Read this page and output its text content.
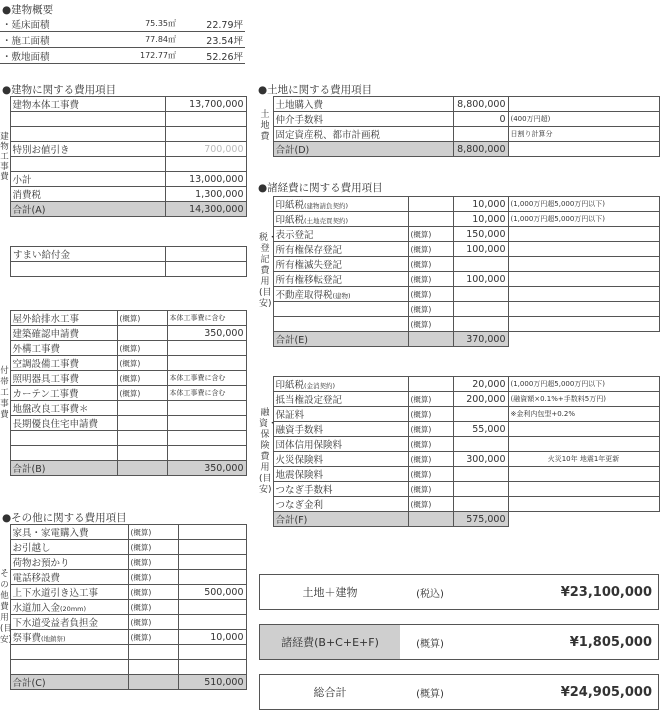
●建物概要
・延床面積	75.35㎡	22.79坪
・施工面積	77.84㎡	23.54坪
・敷地面積	172.77㎡	52.26坪
●建物に関する費用項目
建物工事費	建物本体工事費	13,700,000

	特別お値引き	700,000

	小計	13,000,000
	消費税	1,300,000
	合計(A)	14,300,000
すまい給付金	

付帯工事費	屋外給排水工事	(概算)	本体工事費に含む
	建築確認申請費		350,000
	外構工事費	(概算)	
	空調設備工事費	(概算)	
	照明器具工事費	(概算)	本体工事費に含む
	カーテン工事費	(概算)	本体工事費に含む
	地盤改良工事費＊		
	長期優良住宅申請費		

	合計(B)		350,000
●その他に関する費用項目
その他費用(目安)	家具・家電購入費	(概算)	
	お引越し	(概算)	
	荷物お預かり	(概算)	
	電話移設費	(概算)	
	上下水道引き込工事	(概算)	500,000
	水道加入金(20mm)	(概算)	
	下水道受益者負担金	(概算)	
	祭事費(地鎮祭)	(概算)	10,000

	合計(C)		510,000
●土地に関する費用項目
土地費	土地購入費	8,800,000	
	仲介手数料	0	(400万円超)
	固定資産税、都市計画税		日割り計算分
	合計(D)	8,800,000	
●諸経費に関する費用項目
税・登記費用(目安)	印紙税(建物請負契約)		10,000	(1,000万円超5,000万円以下)
	印紙税(土地売買契約)		10,000	(1,000万円超5,000万円以下)
	表示登記	(概算)	150,000	
	所有権保存登記	(概算)	100,000	
	所有権滅失登記	(概算)		
	所有権移転登記	(概算)	100,000	
	不動産取得税(建物)	(概算)		
		(概算)		
		(概算)		
	合計(E)		370,000	
融資・保険費用(目安)	印紙税(金消契約)		20,000	(1,000万円超5,000万円以下)
	抵当権設定登記	(概算)	200,000	(融資額×0.1%+手数料5万円)
	保証料	(概算)		※金利内包型+0.2%
	融資手数料	(概算)	55,000	
	団体信用保険料	(概算)		
	火災保険料	(概算)	300,000	火災10年 地震1年更新
	地震保険料	(概算)		
	つなぎ手数料	(概算)		
	つなぎ金利	(概算)		
	合計(F)		575,000	
土地＋建物	(税込)	¥23,100,000
諸経費(B+C+E+F)	(概算)	¥1,805,000
総合計	(概算)	¥24,905,000
